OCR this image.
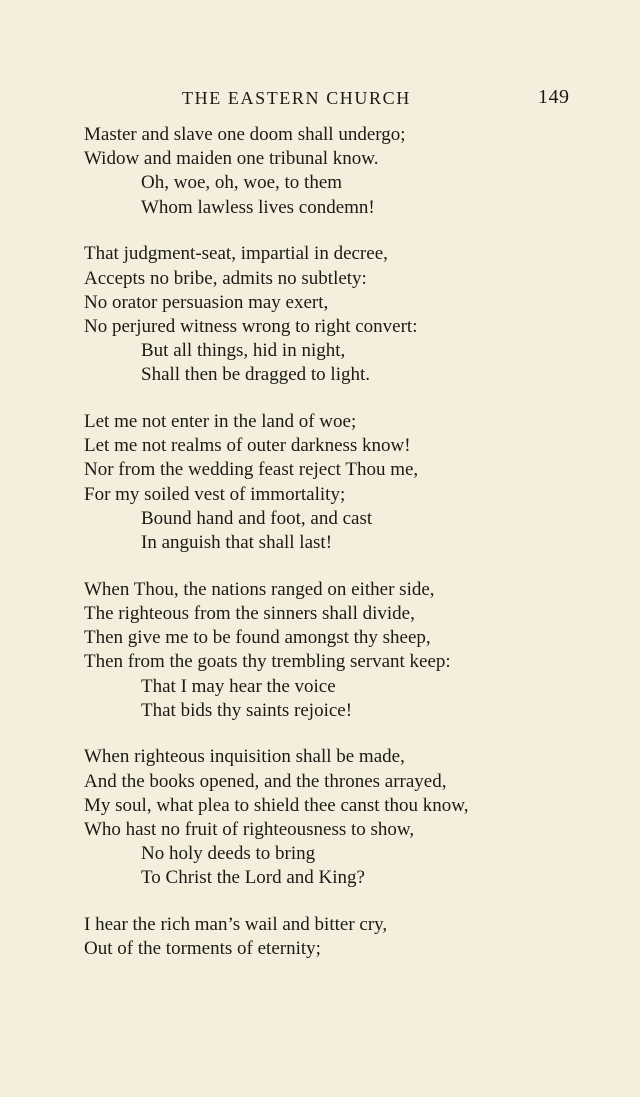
THE EASTERN CHURCH	149
Master and slave one doom shall undergo;
Widow and maiden one tribunal know.
Oh, woe, oh, woe, to them
Whom lawless lives condemn!
That judgment-seat, impartial in decree,
Accepts no bribe, admits no subtlety:
No orator persuasion may exert,
No perjured witness wrong to right convert:
But all things, hid in night,
Shall then be dragged to light.
Let me not enter in the land of woe;
Let me not realms of outer darkness know!
Nor from the wedding feast reject Thou me,
For my soiled vest of immortality;
Bound hand and foot, and cast
In anguish that shall last!
When Thou, the nations ranged on either side,
The righteous from the sinners shall divide,
Then give me to be found amongst thy sheep,
Then from the goats thy trembling servant keep:
That I may hear the voice
That bids thy saints rejoice!
When righteous inquisition shall be made,
And the books opened, and the thrones arrayed,
My soul, what plea to shield thee canst thou know,
Who hast no fruit of righteousness to show,
No holy deeds to bring
To Christ the Lord and King?
I hear the rich man’s wail and bitter cry,
Out of the torments of eternity;
